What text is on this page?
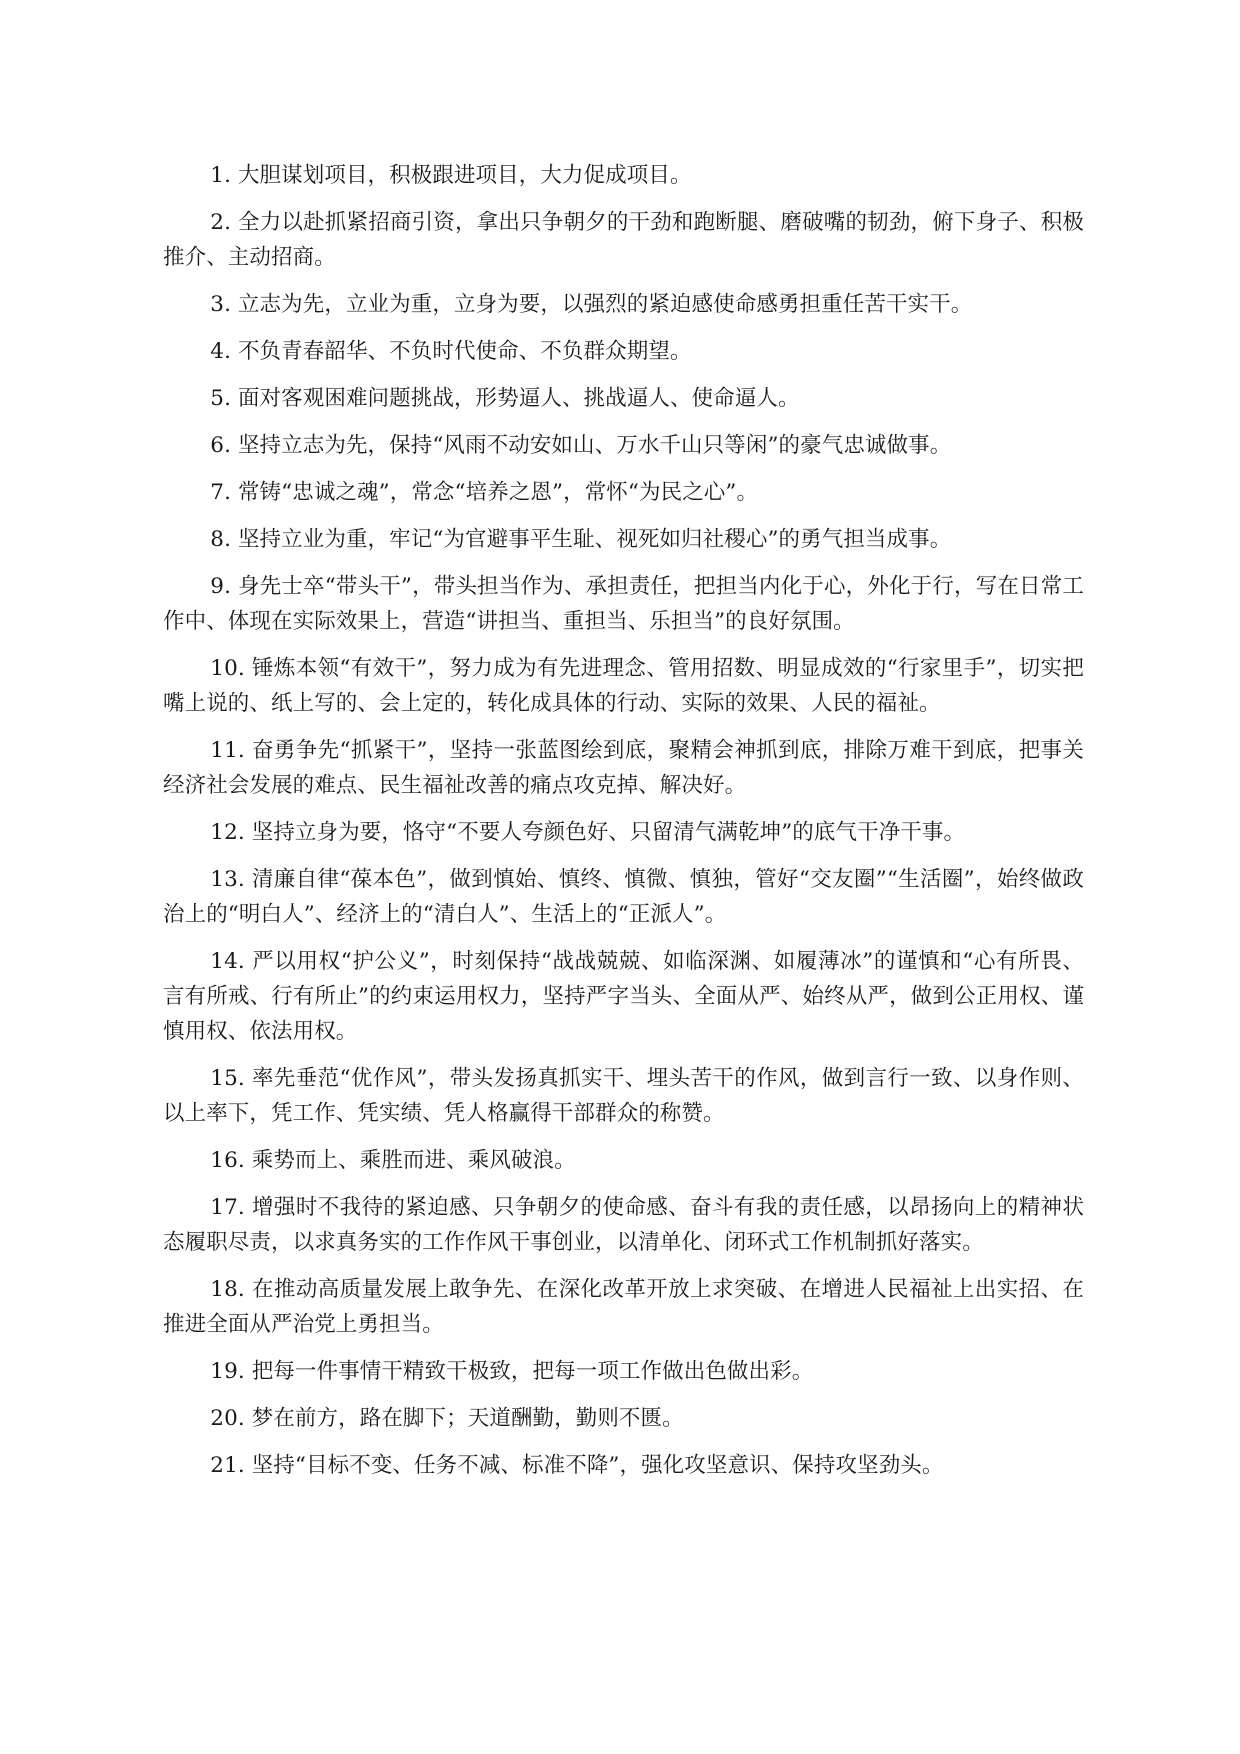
1. 大胆谋划项目，积极跟进项目，大力促成项目。
2. 全力以赴抓紧招商引资，拿出只争朝夕的干劲和跑断腿、磨破嘴的韧劲，俯下身子、积极推介、主动招商。
3. 立志为先，立业为重，立身为要，以强烈的紧迫感使命感勇担重任苦干实干。
4. 不负青春韶华、不负时代使命、不负群众期望。
5. 面对客观困难问题挑战，形势逼人、挑战逼人、使命逼人。
6. 坚持立志为先，保持“风雨不动安如山、万水千山只等闲”的豪气忠诚做事。
7. 常铸“忠诚之魂”，常念“培养之恩”，常怀“为民之心”。
8. 坚持立业为重，牢记“为官避事平生耻、视死如归社稷心”的勇气担当成事。
9. 身先士卒“带头干”，带头担当作为、承担责任，把担当内化于心，外化于行，写在日常工作中、体现在实际效果上，营造“讲担当、重担当、乐担当”的良好氛围。
10. 锤炼本领“有效干”，努力成为有先进理念、管用招数、明显成效的“行家里手”，切实把嘴上说的、纸上写的、会上定的，转化成具体的行动、实际的效果、人民的福祉。
11. 奋勇争先“抓紧干”，坚持一张蓝图绘到底，聚精会神抓到底，排除万难干到底，把事关经济社会发展的难点、民生福祉改善的痛点攻克掉、解决好。
12. 坚持立身为要，恪守“不要人夸颜色好、只留清气满乾坤”的底气干净干事。
13. 清廉自律“葆本色”，做到慎始、慎终、慎微、慎独，管好“交友圈”“生活圈”，始终做政治上的“明白人”、经济上的“清白人”、生活上的“正派人”。
14. 严以用权“护公义”，时刻保持“战战兢兢、如临深渊、如履薄冰”的谨慎和“心有所畏、言有所戒、行有所止”的约束运用权力，坚持严字当头、全面从严、始终从严，做到公正用权、谨慎用权、依法用权。
15. 率先垂范“优作风”，带头发扬真抓实干、埋头苦干的作风，做到言行一致、以身作则、以上率下，凭工作、凭实绩、凭人格赢得干部群众的称赞。
16. 乘势而上、乘胜而进、乘风破浪。
17. 增强时不我待的紧迫感、只争朝夕的使命感、奋斗有我的责任感，以昂扬向上的精神状态履职尽责，以求真务实的工作作风干事创业，以清单化、闭环式工作机制抓好落实。
18. 在推动高质量发展上敢争先、在深化改革开放上求突破、在增进人民福祉上出实招、在推进全面从严治党上勇担当。
19. 把每一件事情干精致干极致，把每一项工作做出色做出彩。
20. 梦在前方，路在脚下；天道酬勤，勤则不匮。
21. 坚持“目标不变、任务不减、标准不降”，强化攻坚意识、保持攻坚劲头。
